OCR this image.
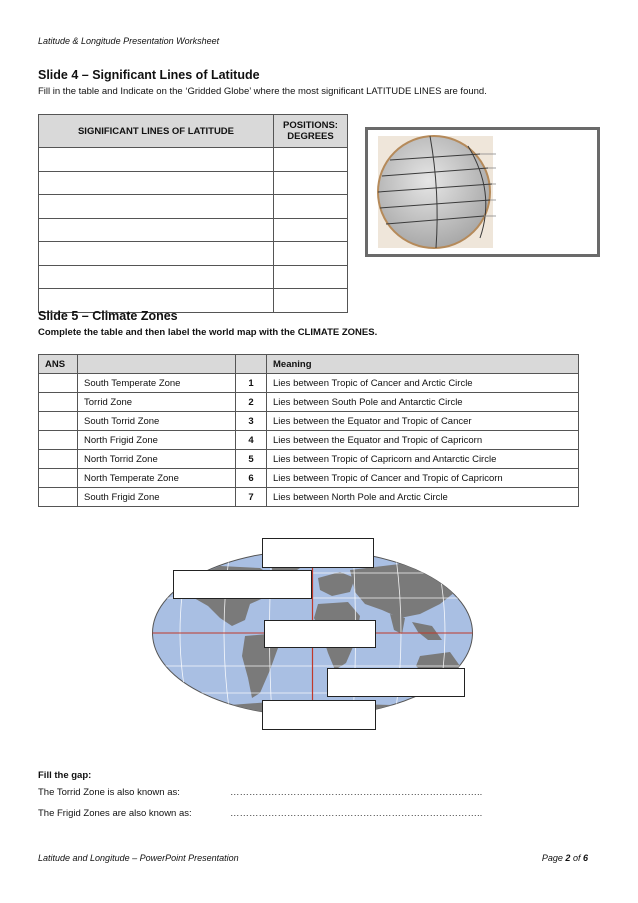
Latitude & Longitude Presentation Worksheet
Slide 4 – Significant Lines of Latitude
Fill in the table and Indicate on the ‘Gridded Globe’ where the most significant LATITUDE LINES are found.
SIGNIFICANT LINES OF LATITUDE	POSITIONS:
DEGREES

Slide 5 – Climate Zones
Complete the table and then label the world map with the CLIMATE ZONES.
ANS			Meaning
	South Temperate Zone	1	Lies between Tropic of Cancer and Arctic Circle
	Torrid Zone	2	Lies between South Pole and Antarctic Circle
	South Torrid Zone	3	Lies between the Equator and Tropic of Cancer
	North Frigid Zone	4	Lies between the Equator and Tropic of Capricorn
	North Torrid Zone	5	Lies between Tropic of Capricorn and Antarctic Circle
	North Temperate Zone	6	Lies between Tropic of Cancer and Tropic of Capricorn
	South Frigid Zone	7	Lies between North Pole and Arctic Circle
Fill the gap:
The Torrid Zone is also known as:	……………………………………………………………………..
The Frigid Zones are also known as:	……………………………………………………………………..
Latitude and Longitude – PowerPoint Presentation	Page 2 of 6
